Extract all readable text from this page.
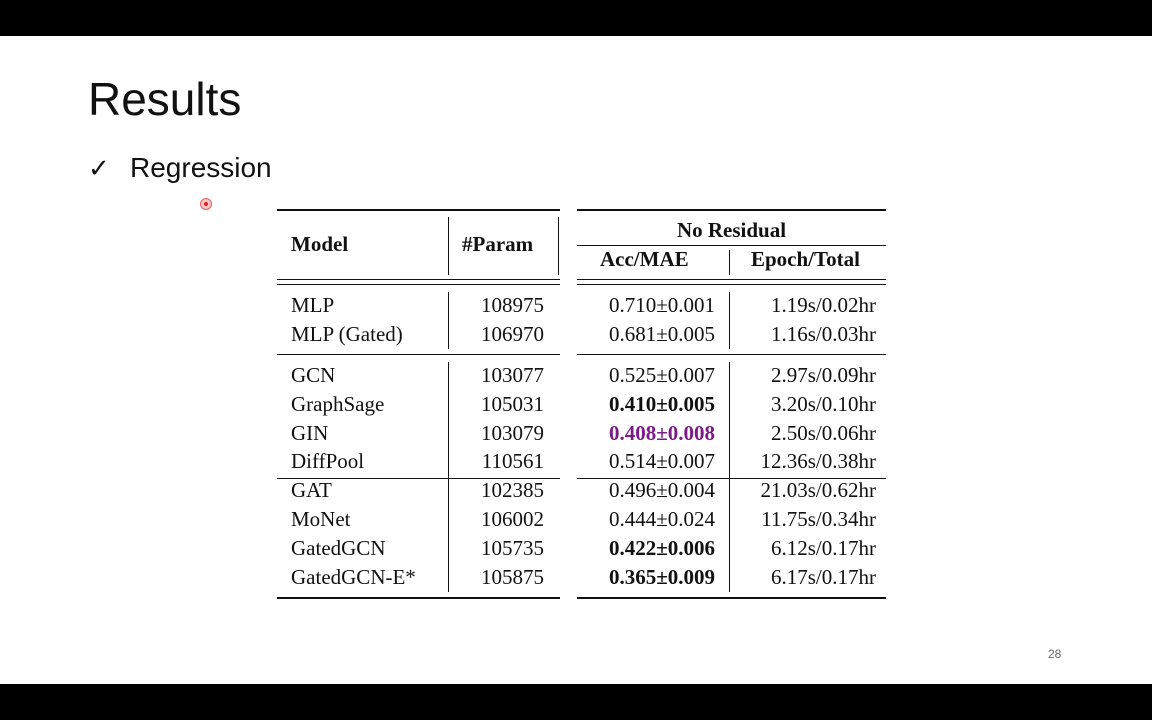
Results
✓ Regression
Model	#Param
No Residual
Acc/MAE	Epoch/Total
MLP	108975	0.710±0.001	1.19s/0.02hr
MLP (Gated)	106970	0.681±0.005	1.16s/0.03hr
GCN	103077	0.525±0.007	2.97s/0.09hr
GraphSage	105031	0.410±0.005	3.20s/0.10hr
GIN	103079	0.408±0.008	2.50s/0.06hr
DiffPool	110561	0.514±0.007	12.36s/0.38hr
GAT	102385	0.496±0.004	21.03s/0.62hr
MoNet	106002	0.444±0.024	11.75s/0.34hr
GatedGCN	105735	0.422±0.006	6.12s/0.17hr
GatedGCN-E*	105875	0.365±0.009	6.17s/0.17hr
28
